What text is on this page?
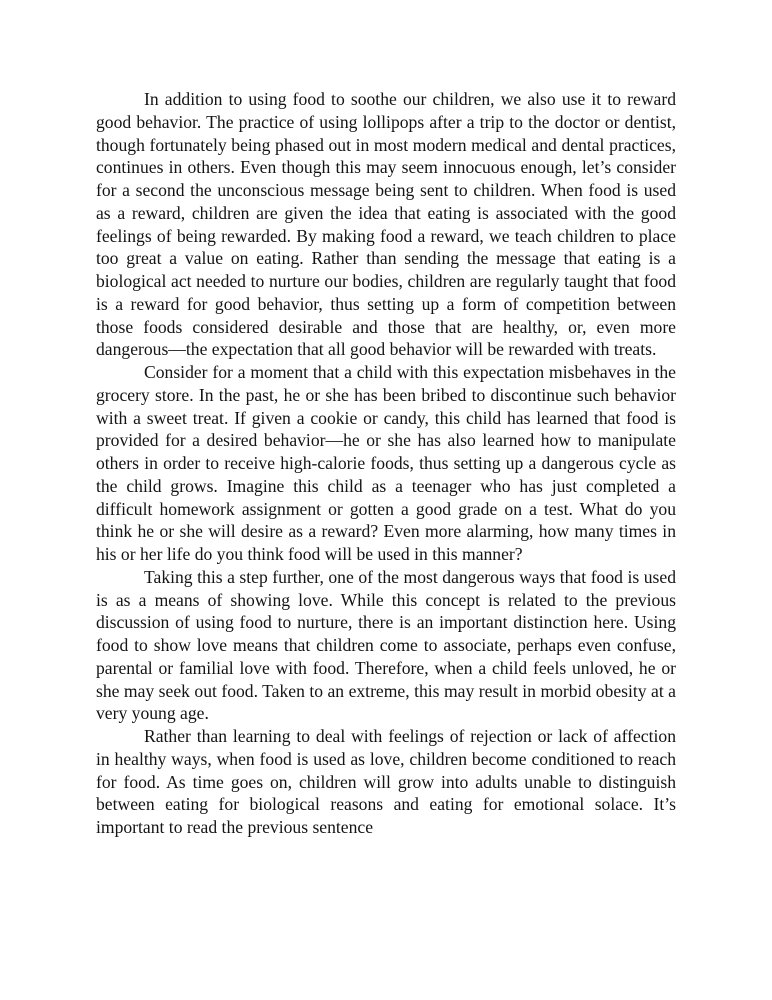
In addition to using food to soothe our children, we also use it to reward good behavior. The practice of using lollipops after a trip to the doctor or dentist, though fortunately being phased out in most modern medical and dental practices, continues in others. Even though this may seem innocuous enough, let’s consider for a second the unconscious message being sent to children. When food is used as a reward, children are given the idea that eating is associated with the good feelings of being rewarded. By making food a reward, we teach children to place too great a value on eating. Rather than sending the message that eating is a biological act needed to nurture our bodies, children are regularly taught that food is a reward for good behavior, thus setting up a form of competition between those foods considered desirable and those that are healthy, or, even more dangerous—the expectation that all good behavior will be rewarded with treats.

Consider for a moment that a child with this expectation misbehaves in the grocery store. In the past, he or she has been bribed to discontinue such behavior with a sweet treat. If given a cookie or candy, this child has learned that food is provided for a desired behavior—he or she has also learned how to manipulate others in order to receive high-calorie foods, thus setting up a dangerous cycle as the child grows. Imagine this child as a teenager who has just completed a difficult homework assignment or gotten a good grade on a test. What do you think he or she will desire as a reward? Even more alarming, how many times in his or her life do you think food will be used in this manner?

Taking this a step further, one of the most dangerous ways that food is used is as a means of showing love. While this concept is related to the previous discussion of using food to nurture, there is an important distinction here. Using food to show love means that children come to associate, perhaps even confuse, parental or familial love with food. Therefore, when a child feels unloved, he or she may seek out food. Taken to an extreme, this may result in morbid obesity at a very young age.

Rather than learning to deal with feelings of rejection or lack of affection in healthy ways, when food is used as love, children become conditioned to reach for food. As time goes on, children will grow into adults unable to distinguish between eating for biological reasons and eating for emotional solace. It’s important to read the previous sentence
